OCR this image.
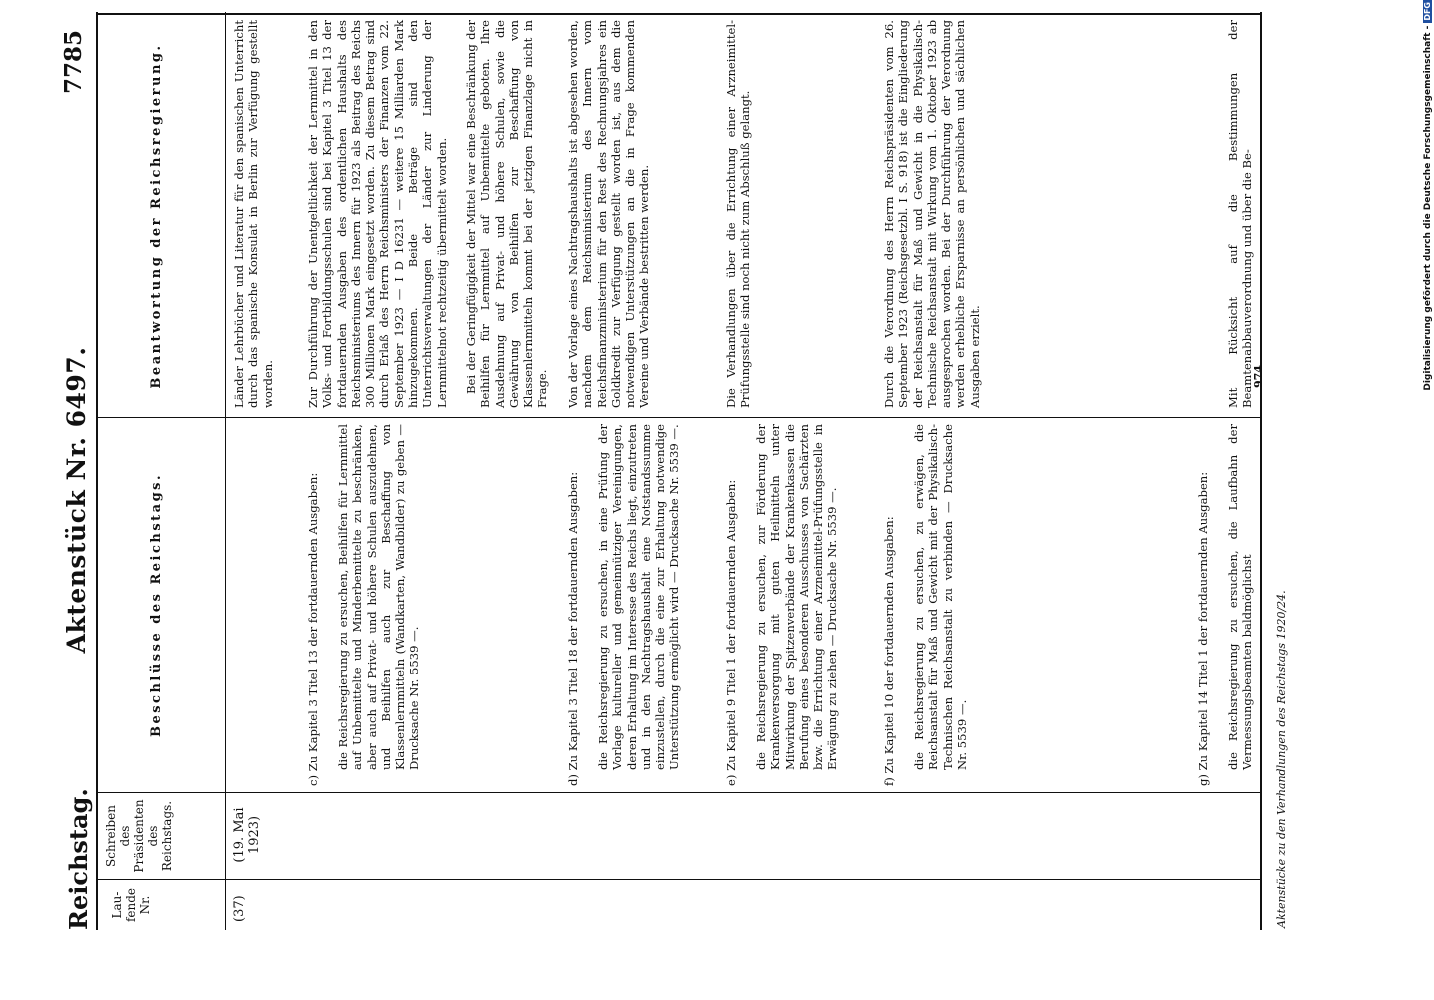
Reichstag.
Aktenstück Nr. 6497.
7785
Lau-fende Nr.
Schreiben des Präsidenten des Reichstags.
Beschlüsse des Reichstags.
Beantwortung der Reichsregierung.
(37)
(19. Mai 1923)
Länder Lehrbücher und Literatur für den spanischen Unterricht durch das spanische Konsulat in Berlin zur Verfügung gestellt worden.
c) Zu Kapitel 3 Titel 13 der fortdauernden Ausgaben: die Reichsregierung zu ersuchen, Beihilfen für Lernmittel auf Unbemittelte und Minderbemittelte zu beschränken, aber auch auf Privat- und höhere Schulen auszudehnen, und Beihilfen auch zur Beschaffung von Klassenlernmitteln (Wandkarten, Wandbilder) zu geben — Drucksache Nr. 5539 —.
Zur Durchführung der Unentgeltlichkeit der Lernmittel in den Volks- und Fortbildungsschulen sind bei Kapitel 3 Titel 13 der fortdauernden Ausgaben des ordentlichen Haushalts des Reichsministeriums des Innern für 1923 als Beitrag des Reichs 300 Millionen Mark eingesetzt worden. Zu diesem Betrag sind durch Erlaß des Herrn Reichsministers der Finanzen vom 22. September 1923 — I D 16231 — weitere 15 Milliarden Mark hinzugekommen. Beide Beträge sind den Unterrichtsverwaltungen der Länder zur Linderung der Lernmittelnot rechtzeitig übermittelt worden. Bei der Geringfügigkeit der Mittel war eine Beschränkung der Beihilfen für Lernmittel auf Unbemittelte geboten. Ihre Ausdehnung auf Privat- und höhere Schulen, sowie die Gewährung von Beihilfen zur Beschaffung von Klassenlernmitteln kommt bei der jetzigen Finanzlage nicht in Frage.
d) Zu Kapitel 3 Titel 18 der fortdauernden Ausgaben: die Reichsregierung zu ersuchen, in eine Prüfung der Vorlage kultureller und gemeinnütziger Vereinigungen, deren Erhaltung im Interesse des Reichs liegt, einzutreten und in den Nachtragshaushalt eine Notstandssumme einzustellen, durch die eine zur Erhaltung notwendige Unterstützung ermöglicht wird — Drucksache Nr. 5539 —.
Von der Vorlage eines Nachtragshaushalts ist abgesehen worden, nachdem dem Reichsministerium des Innern vom Reichsfinanzministerium für den Rest des Rechnungsjahres ein Goldkredit zur Verfügung gestellt worden ist, aus dem die notwendigen Unterstützungen an die in Frage kommenden Vereine und Verbände bestritten werden.
e) Zu Kapitel 9 Titel 1 der fortdauernden Ausgaben: die Reichsregierung zu ersuchen, zur Förderung der Krankenversorgung mit guten Heilmitteln unter Mitwirkung der Spitzenverbände der Krankenkassen die Berufung eines besonderen Ausschusses von Sachärzten bzw. die Errichtung einer Arzneimittel-Prüfungsstelle in Erwägung zu ziehen — Drucksache Nr. 5539 —.
Die Verhandlungen über die Errichtung einer Arzneimittel-Prüfungsstelle sind noch nicht zum Abschluß gelangt.
f) Zu Kapitel 10 der fortdauernden Ausgaben: die Reichsregierung zu ersuchen, zu erwägen, die Reichsanstalt für Maß und Gewicht mit der Physikalisch-Technischen Reichsanstalt zu verbinden — Drucksache Nr. 5539 —.
Durch die Verordnung des Herrn Reichspräsidenten vom 26. September 1923 (Reichsgesetzbl. I S. 918) ist die Eingliederung der Reichsanstalt für Maß und Gewicht in die Physikalisch-Technische Reichsanstalt mit Wirkung vom 1. Oktober 1923 ab ausgesprochen worden. Bei der Durchführung der Verordnung werden erhebliche Ersparnisse an persönlichen und sächlichen Ausgaben erzielt.
g) Zu Kapitel 14 Titel 1 der fortdauernden Ausgaben: die Reichsregierung zu ersuchen, die Laufbahn der Vermessungsbeamten baldmöglichst
Mit Rücksicht auf die Bestimmungen der Beamtenabbauverordnung und über die Be-
974
Aktenstücke zu den Verhandlungen des Reichstags 1920/24.
Digitalisierung gefördert durch die Deutsche Forschungsgemeinschaft -DFG
